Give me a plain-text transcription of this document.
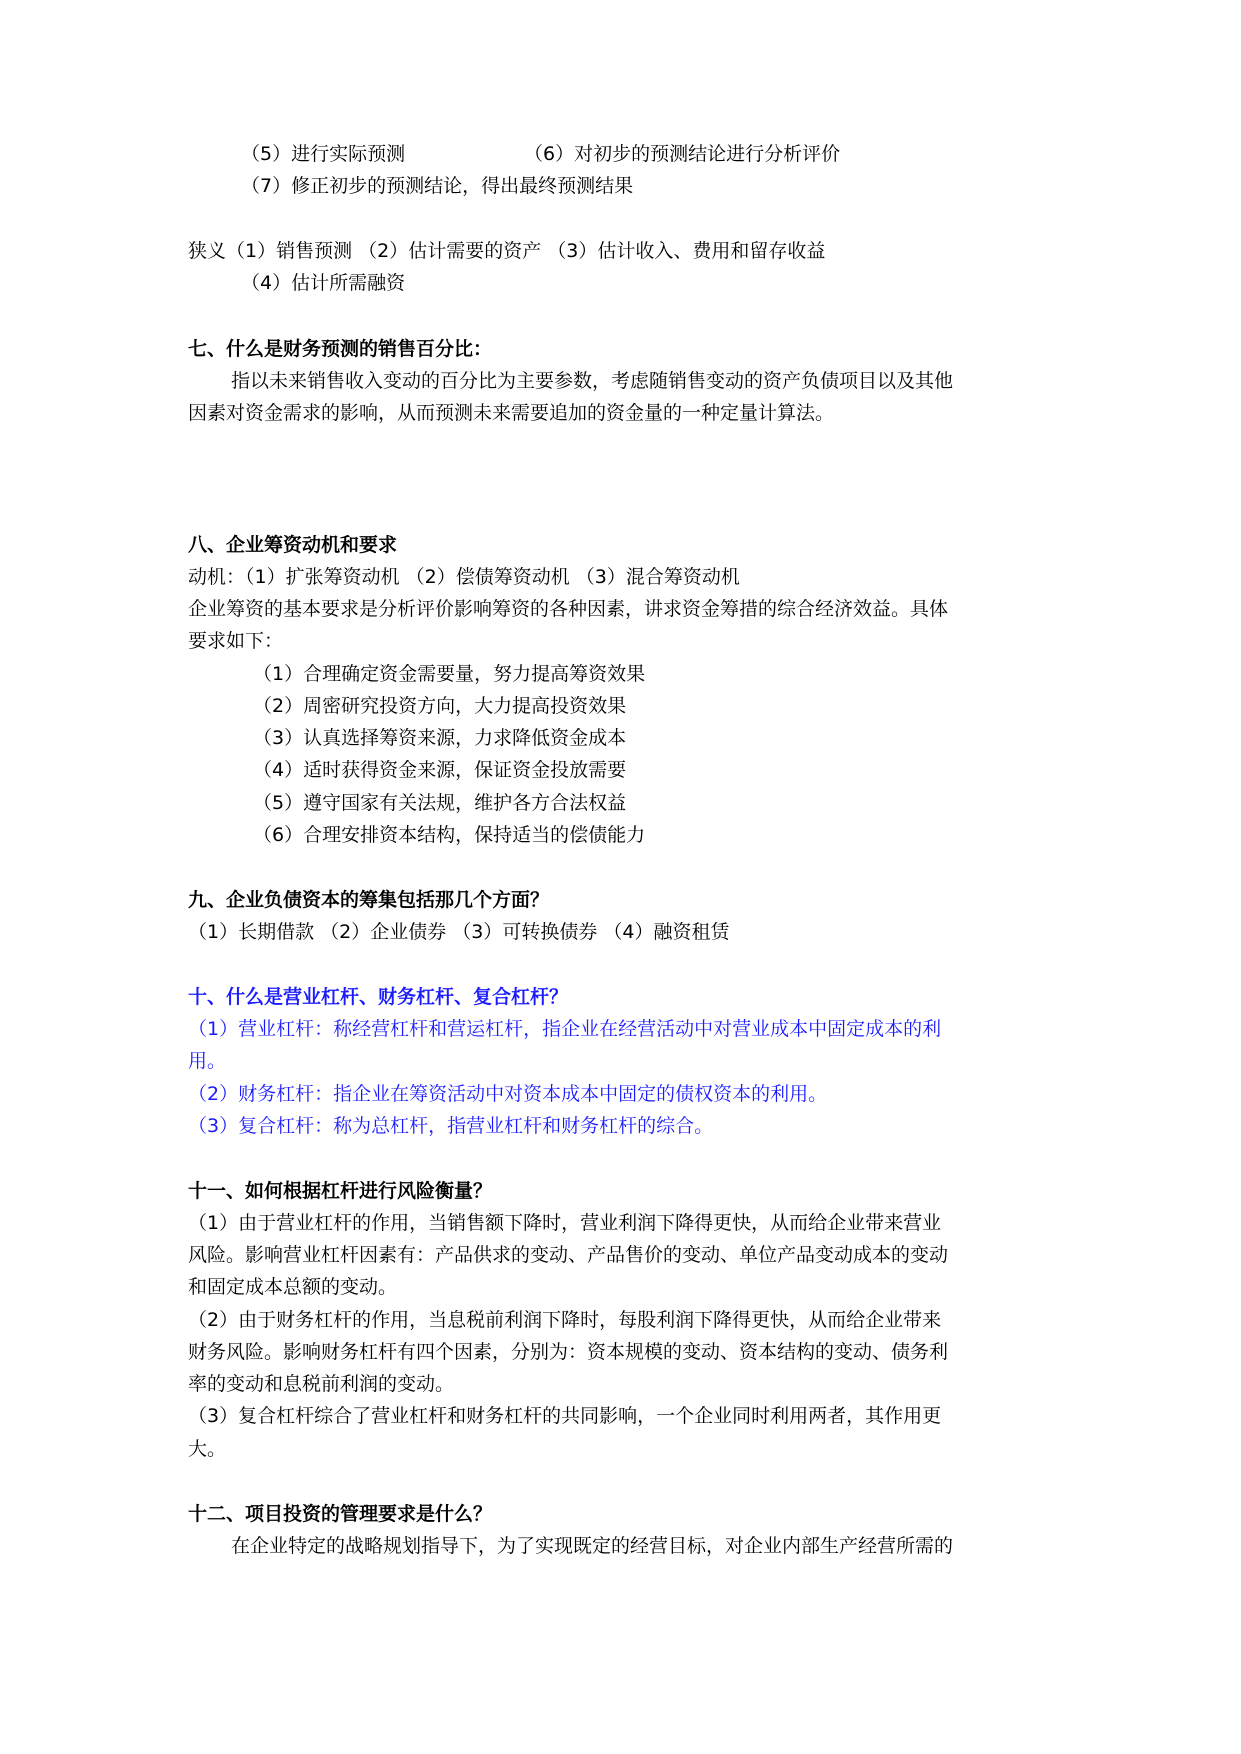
（5）进行实际预测	（6）对初步的预测结论进行分析评价
（7）修正初步的预测结论，得出最终预测结果
狭义（1）销售预测 （2）估计需要的资产 （3）估计收入、费用和留存收益
（4）估计所需融资
七、什么是财务预测的销售百分比：
指以未来销售收入变动的百分比为主要参数，考虑随销售变动的资产负债项目以及其他
因素对资金需求的影响，从而预测未来需要追加的资金量的一种定量计算法。
八、企业筹资动机和要求
动机：（1）扩张筹资动机 （2）偿债筹资动机 （3）混合筹资动机
企业筹资的基本要求是分析评价影响筹资的各种因素，讲求资金筹措的综合经济效益。具体
要求如下：
（1）合理确定资金需要量，努力提高筹资效果
（2）周密研究投资方向，大力提高投资效果
（3）认真选择筹资来源，力求降低资金成本
（4）适时获得资金来源，保证资金投放需要
（5）遵守国家有关法规，维护各方合法权益
（6）合理安排资本结构，保持适当的偿债能力
九、企业负债资本的筹集包括那几个方面？
（1）长期借款 （2）企业债券 （3）可转换债券 （4）融资租赁
十、什么是营业杠杆、财务杠杆、复合杠杆？
（1）营业杠杆：称经营杠杆和营运杠杆，指企业在经营活动中对营业成本中固定成本的利
用。
（2）财务杠杆：指企业在筹资活动中对资本成本中固定的债权资本的利用。
（3）复合杠杆：称为总杠杆，指营业杠杆和财务杠杆的综合。
十一、如何根据杠杆进行风险衡量？
（1）由于营业杠杆的作用，当销售额下降时，营业利润下降得更快，从而给企业带来营业
风险。影响营业杠杆因素有：产品供求的变动、产品售价的变动、单位产品变动成本的变动
和固定成本总额的变动。
（2）由于财务杠杆的作用，当息税前利润下降时，每股利润下降得更快，从而给企业带来
财务风险。影响财务杠杆有四个因素，分别为：资本规模的变动、资本结构的变动、债务利
率的变动和息税前利润的变动。
（3）复合杠杆综合了营业杠杆和财务杠杆的共同影响，一个企业同时利用两者，其作用更
大。
十二、项目投资的管理要求是什么？
在企业特定的战略规划指导下，为了实现既定的经营目标，对企业内部生产经营所需的
